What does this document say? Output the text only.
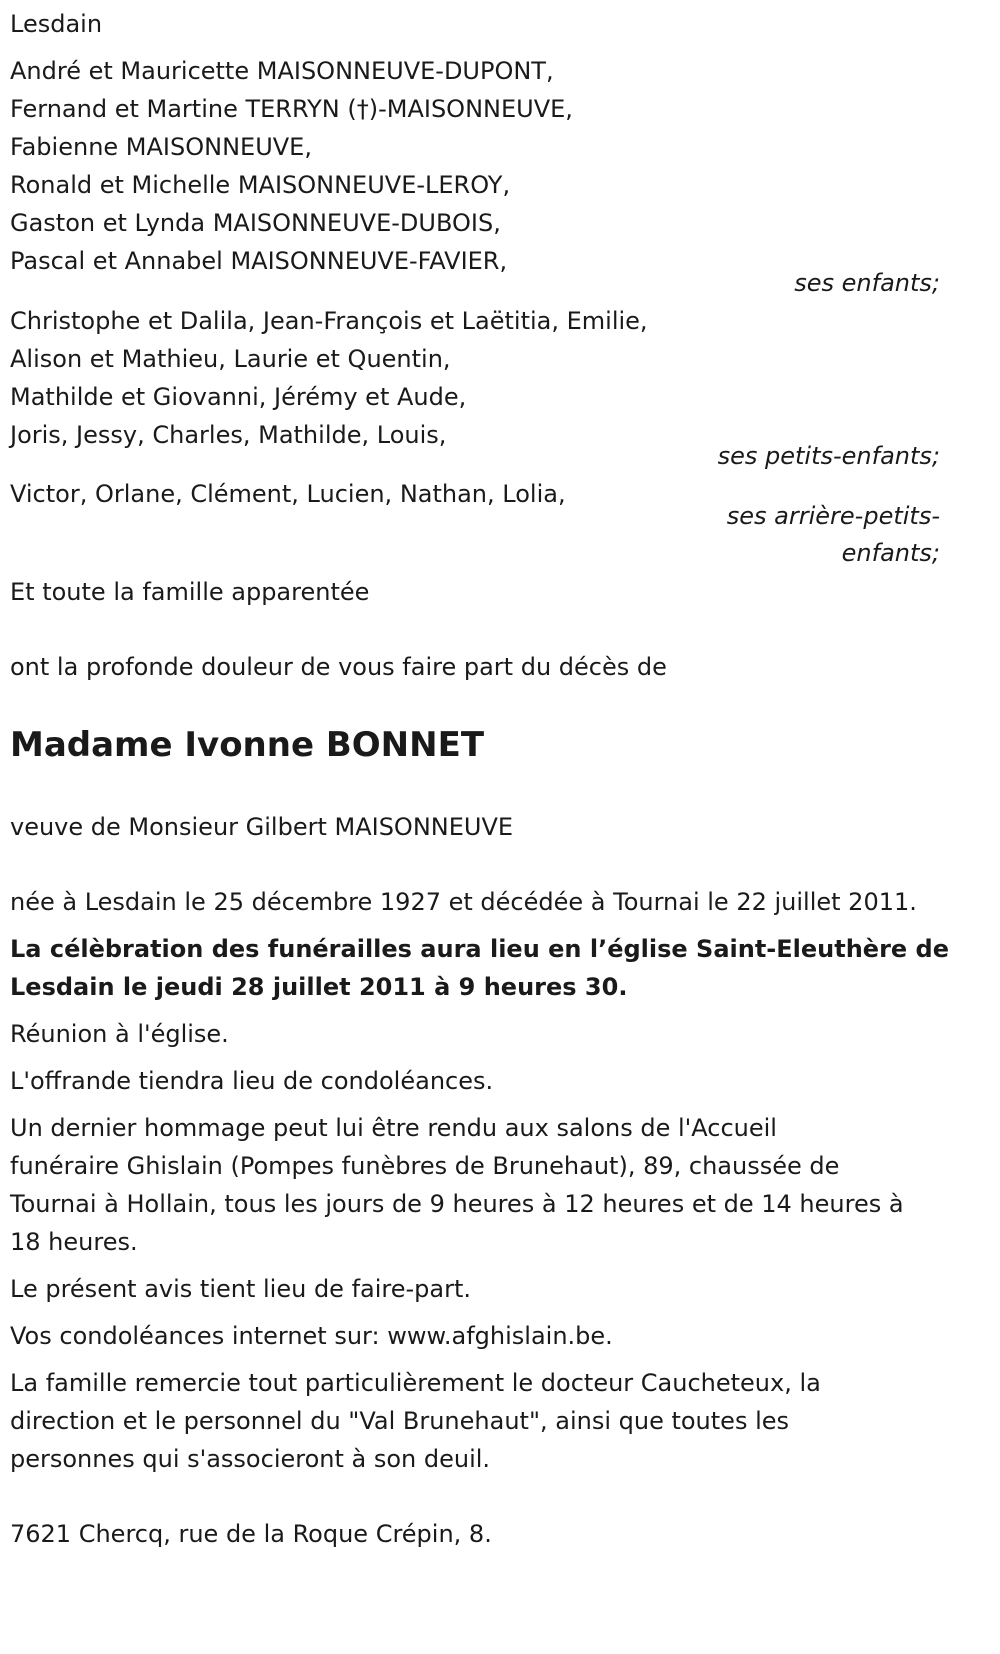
Lesdain
André et Mauricette MAISONNEUVE-DUPONT,
Fernand et Martine TERRYN (†)-MAISONNEUVE,
Fabienne MAISONNEUVE,
Ronald et Michelle MAISONNEUVE-LEROY,
Gaston et Lynda MAISONNEUVE-DUBOIS,
Pascal et Annabel MAISONNEUVE-FAVIER,
ses enfants;
Christophe et Dalila, Jean-François et Laëtitia, Emilie,
Alison et Mathieu, Laurie et Quentin,
Mathilde et Giovanni, Jérémy et Aude,
Joris, Jessy, Charles, Mathilde, Louis,
ses petits-enfants;
Victor, Orlane, Clément, Lucien, Nathan, Lolia,
ses arrière-petits-
enfants;
Et toute la famille apparentée
ont la profonde douleur de vous faire part du décès de
Madame Ivonne BONNET
veuve de Monsieur Gilbert MAISONNEUVE
née à Lesdain le 25 décembre 1927 et décédée à Tournai le 22 juillet 2011.
La célèbration des funérailles aura lieu en l’église Saint-Eleuthère de
Lesdain le jeudi 28 juillet 2011 à 9 heures 30.
Réunion à l'église.
L'offrande tiendra lieu de condoléances.
Un dernier hommage peut lui être rendu aux salons de l'Accueil
funéraire Ghislain (Pompes funèbres de Brunehaut), 89, chaussée de
Tournai à Hollain, tous les jours de 9 heures à 12 heures et de 14 heures à
18 heures.
Le présent avis tient lieu de faire-part.
Vos condoléances internet sur: www.afghislain.be.
La famille remercie tout particulièrement le docteur Caucheteux, la
direction et le personnel du "Val Brunehaut", ainsi que toutes les
personnes qui s'associeront à son deuil.
7621 Chercq, rue de la Roque Crépin, 8.
